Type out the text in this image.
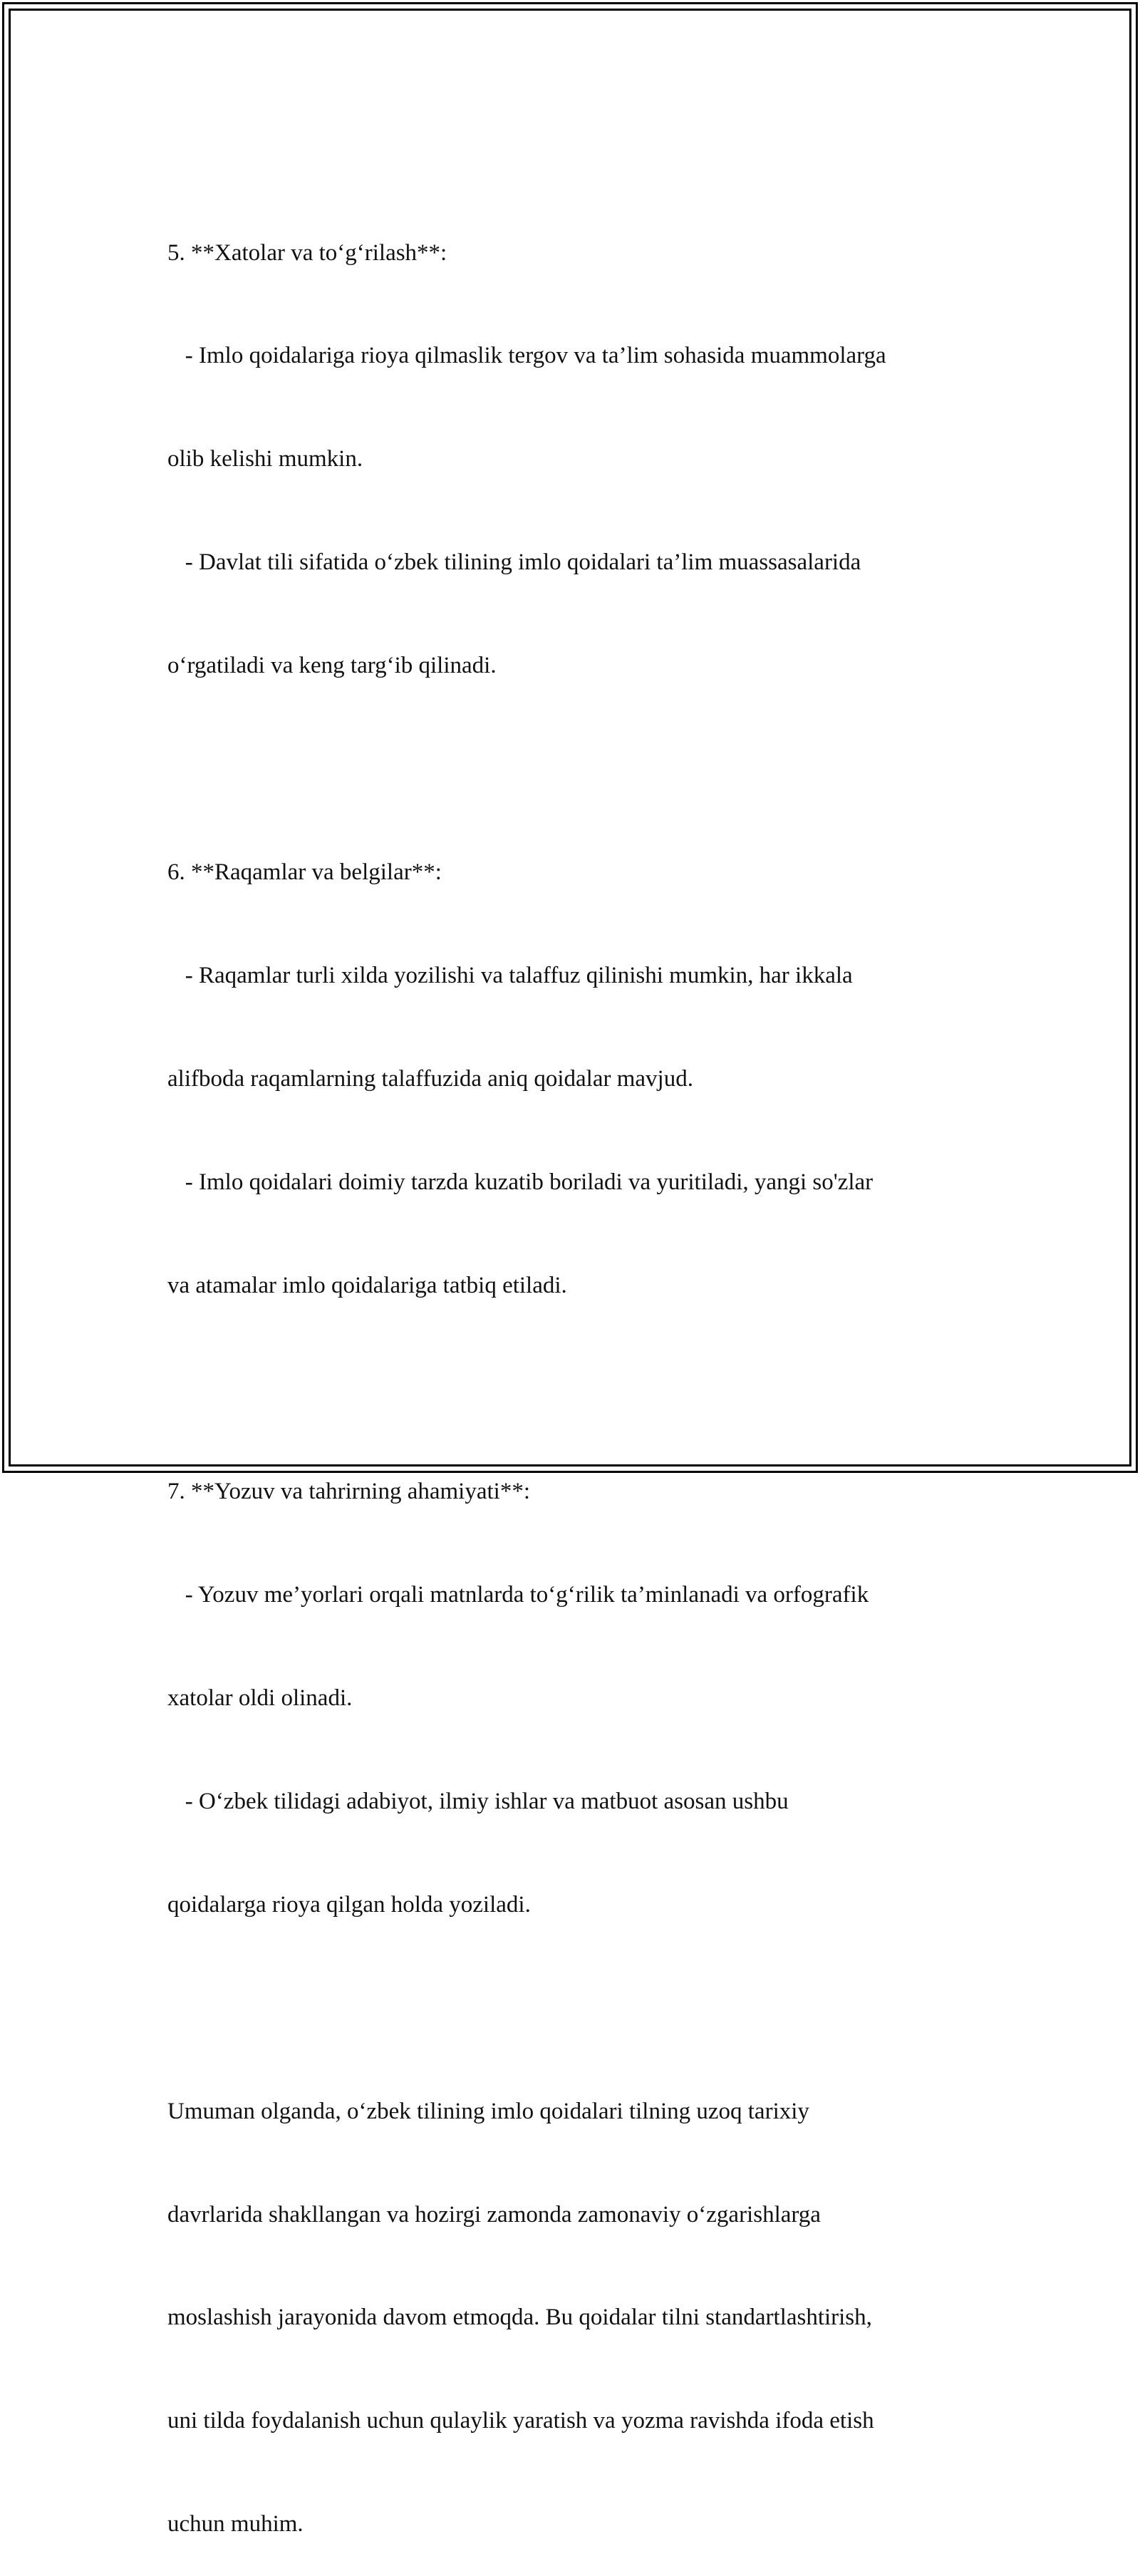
5. **Xatolar va to‘g‘rilash**:

- Imlo qoidalariga rioya qilmaslik tergov va ta’lim sohasida muammolarga

olib kelishi mumkin.

- Davlat tili sifatida o‘zbek tilining imlo qoidalari ta’lim muassasalarida

o‘rgatiladi va keng targ‘ib qilinadi.

6. **Raqamlar va belgilar**:

- Raqamlar turli xilda yozilishi va talaffuz qilinishi mumkin, har ikkala

alifboda raqamlarning talaffuzida aniq qoidalar mavjud.

- Imlo qoidalari doimiy tarzda kuzatib boriladi va yuritiladi, yangi so'zlar

va atamalar imlo qoidalariga tatbiq etiladi.

7. **Yozuv va tahrirning ahamiyati**:

- Yozuv me’yorlari orqali matnlarda to‘g‘rilik ta’minlanadi va orfografik

xatolar oldi olinadi.

- O‘zbek tilidagi adabiyot, ilmiy ishlar va matbuot asosan ushbu

qoidalarga rioya qilgan holda yoziladi.

Umuman olganda, o‘zbek tilining imlo qoidalari tilning uzoq tarixiy

davrlarida shakllangan va hozirgi zamonda zamonaviy o‘zgarishlarga

moslashish jarayonida davom etmoqda. Bu qoidalar tilni standartlashtirish,

uni tilda foydalanish uchun qulaylik yaratish va yozma ravishda ifoda etish

uchun muhim.
